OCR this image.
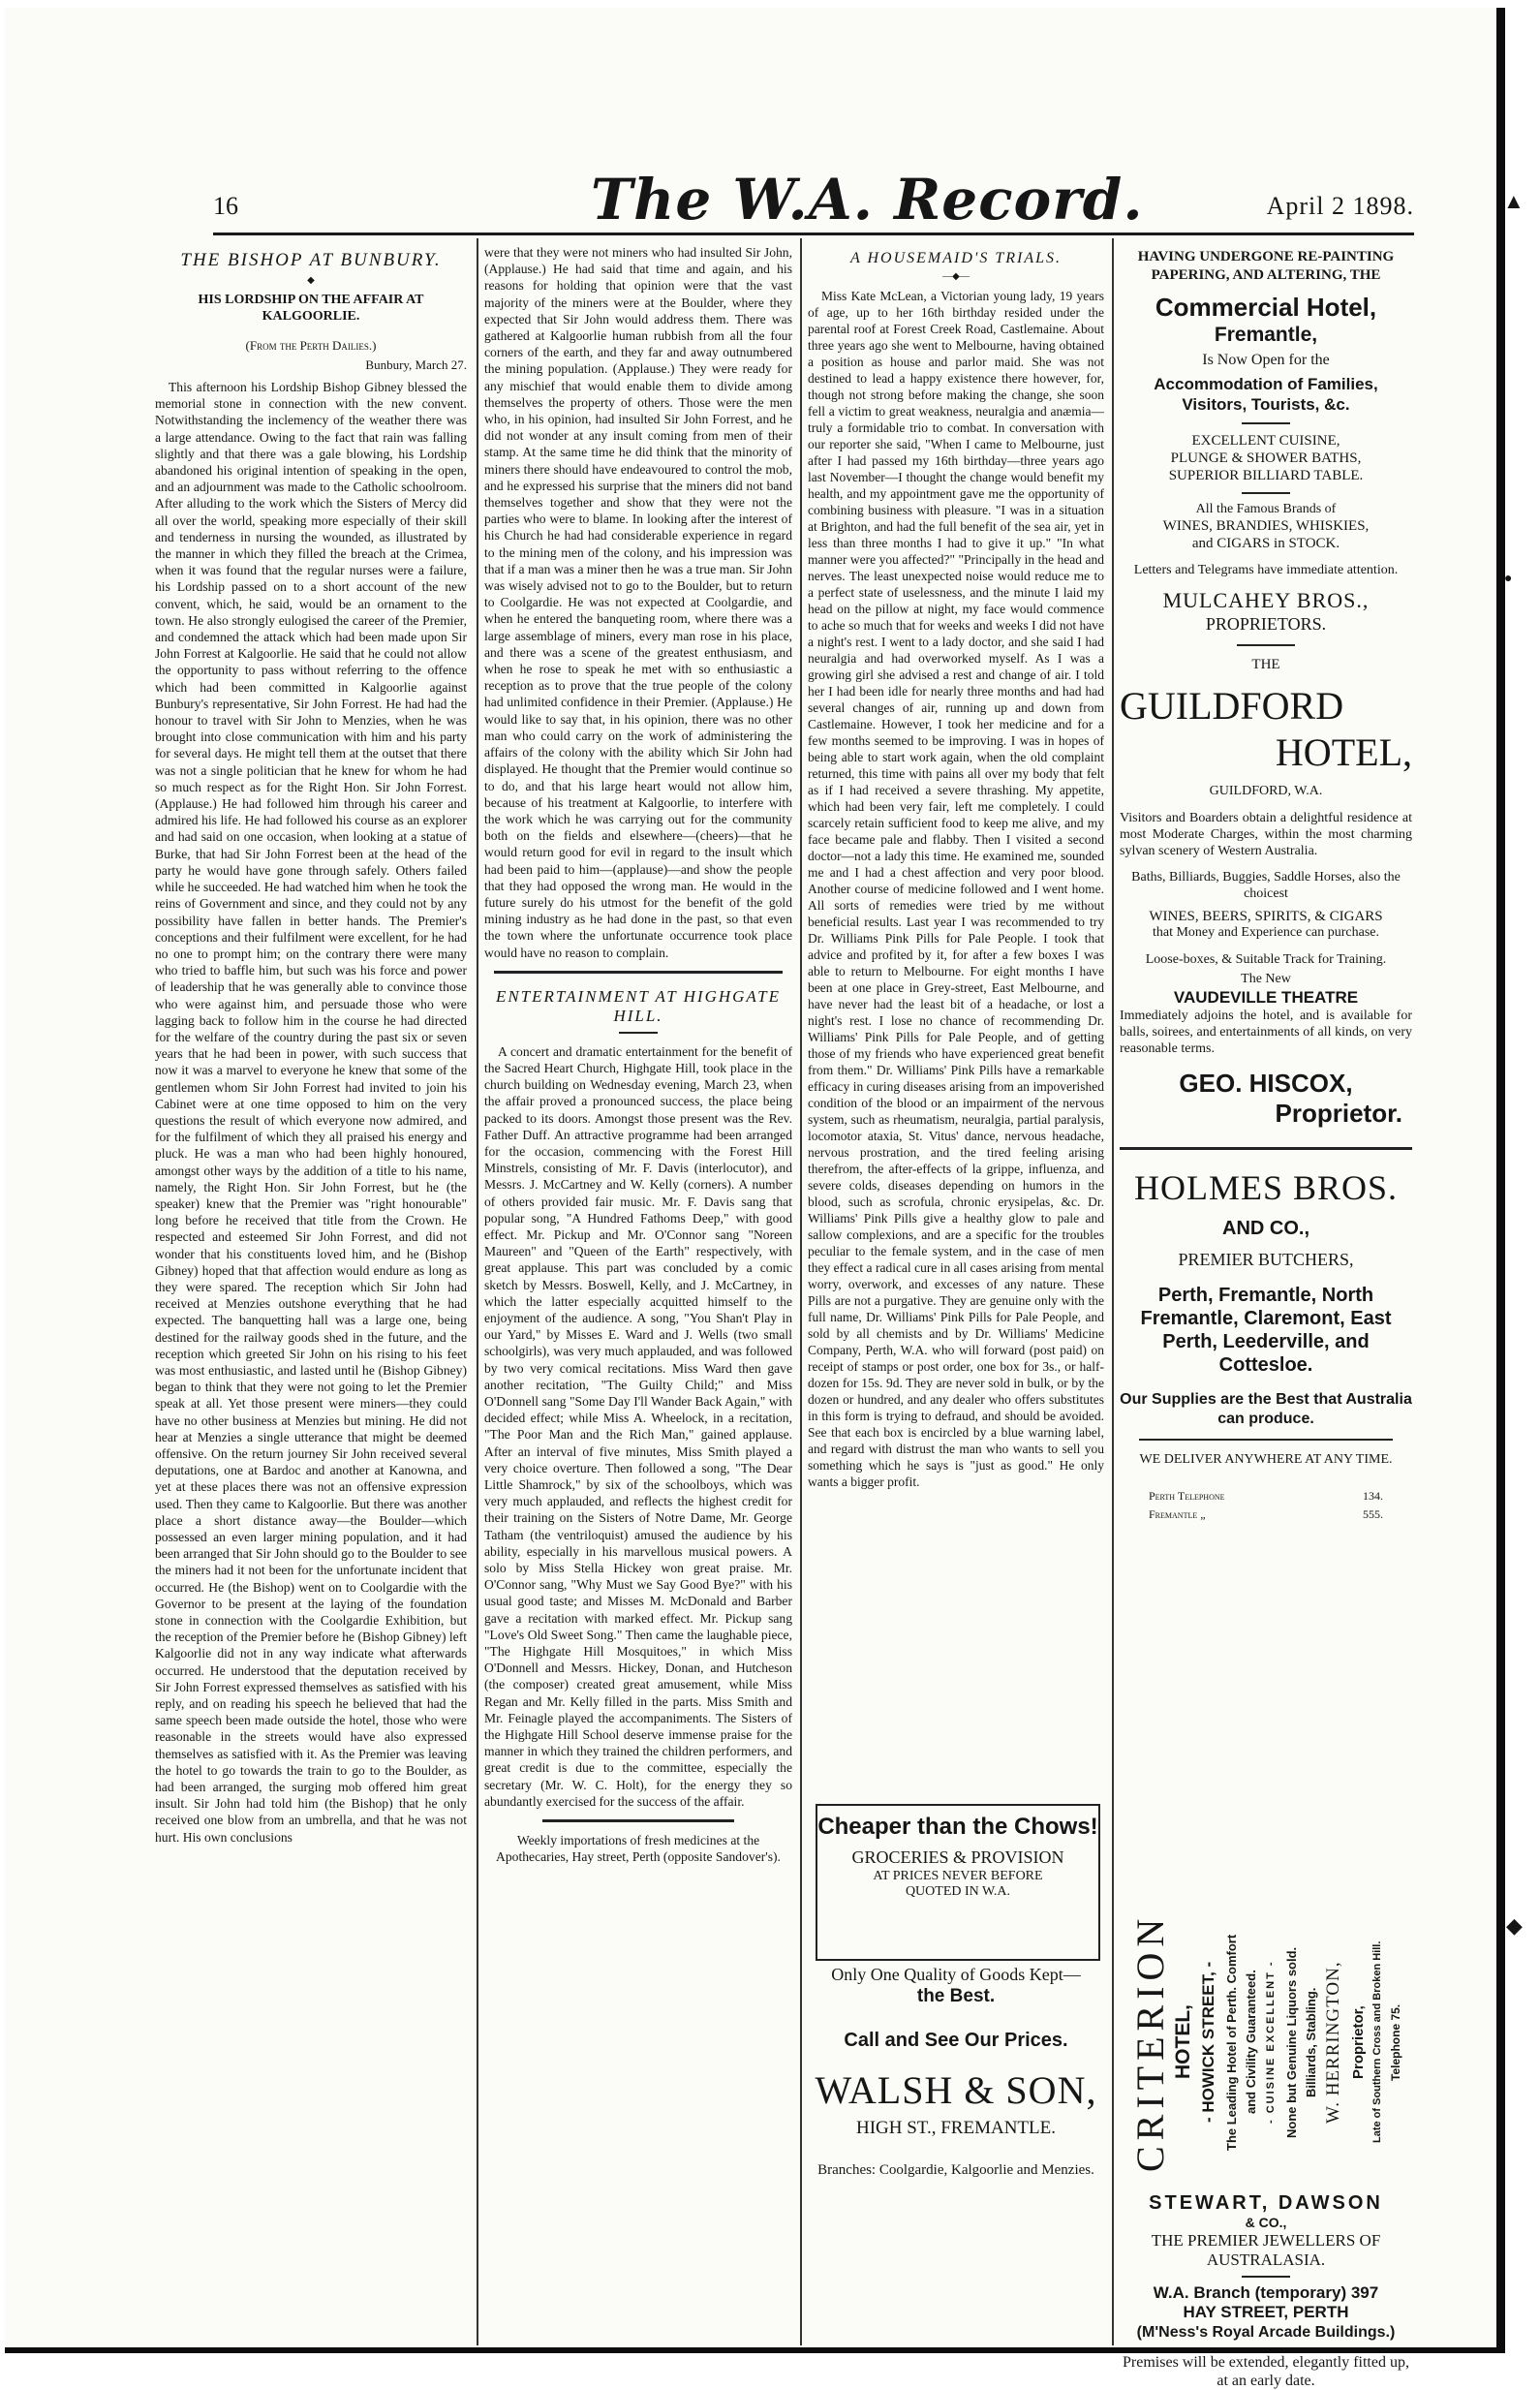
16	The W.A. Record.	April 2 1898.
THE BISHOP AT BUNBURY.
◆
HIS LORDSHIP ON THE AFFAIR AT KALGOORLIE.
(From the Perth Dailies.)
Bunbury, March 27.

This afternoon his Lordship Bishop Gibney blessed the memorial stone in connection with the new convent. Notwithstanding the inclemency of the weather there was a large attendance. Owing to the fact that rain was falling slightly and that there was a gale blowing, his Lordship abandoned his original intention of speaking in the open, and an adjournment was made to the Catholic schoolroom. After alluding to the work which the Sisters of Mercy did all over the world, speaking more especially of their skill and tenderness in nursing the wounded, as illustrated by the manner in which they filled the breach at the Crimea, when it was found that the regular nurses were a failure, his Lordship passed on to a short account of the new convent, which, he said, would be an ornament to the town. He also strongly eulogised the career of the Premier, and condemned the attack which had been made upon Sir John Forrest at Kalgoorlie. He said that he could not allow the opportunity to pass without referring to the offence which had been committed in Kalgoorlie against Bunbury's representative, Sir John Forrest. He had had the honour to travel with Sir John to Menzies, when he was brought into close communication with him and his party for several days. He might tell them at the outset that there was not a single politician that he knew for whom he had so much respect as for the Right Hon. Sir John Forrest. (Applause.) He had followed him through his career and admired his life. He had followed his course as an explorer and had said on one occasion, when looking at a statue of Burke, that had Sir John Forrest been at the head of the party he would have gone through safely. Others failed while he succeeded. He had watched him when he took the reins of Government and since, and they could not by any possibility have fallen in better hands. The Premier's conceptions and their fulfilment were excellent, for he had no one to prompt him; on the contrary there were many who tried to baffle him, but such was his force and power of leadership that he was generally able to convince those who were against him, and persuade those who were lagging back to follow him in the course he had directed for the welfare of the country during the past six or seven years that he had been in power, with such success that now it was a marvel to everyone he knew that some of the gentlemen whom Sir John Forrest had invited to join his Cabinet were at one time opposed to him on the very questions the result of which everyone now admired, and for the fulfilment of which they all praised his energy and pluck. He was a man who had been highly honoured, amongst other ways by the addition of a title to his name, namely, the Right Hon. Sir John Forrest, but he (the speaker) knew that the Premier was "right honourable" long before he received that title from the Crown. He respected and esteemed Sir John Forrest, and did not wonder that his constituents loved him, and he (Bishop Gibney) hoped that that affection would endure as long as they were spared. The reception which Sir John had received at Menzies outshone everything that he had expected. The banquetting hall was a large one, being destined for the railway goods shed in the future, and the reception which greeted Sir John on his rising to his feet was most enthusiastic, and lasted until he (Bishop Gibney) began to think that they were not going to let the Premier speak at all. Yet those present were miners—they could have no other business at Menzies but mining. He did not hear at Menzies a single utterance that might be deemed offensive. On the return journey Sir John received several deputations, one at Bardoc and another at Kanowna, and yet at these places there was not an offensive expression used. Then they came to Kalgoorlie. But there was another place a short distance away—the Boulder—which possessed an even larger mining population, and it had been arranged that Sir John should go to the Boulder to see the miners had it not been for the unfortunate incident that occurred. He (the Bishop) went on to Coolgardie with the Governor to be present at the laying of the foundation stone in connection with the Coolgardie Exhibition, but the reception of the Premier before he (Bishop Gibney) left Kalgoorlie did not in any way indicate what afterwards occurred. He understood that the deputation received by Sir John Forrest expressed themselves as satisfied with his reply, and on reading his speech he believed that had the same speech been made outside the hotel, those who were reasonable in the streets would have also expressed themselves as satisfied with it. As the Premier was leaving the hotel to go towards the train to go to the Boulder, as had been arranged, the surging mob offered him great insult. Sir John had told him (the Bishop) that he only received one blow from an umbrella, and that he was not hurt. His own conclusions

were that they were not miners who had insulted Sir John, (Applause.) He had said that time and again, and his reasons for holding that opinion were that the vast majority of the miners were at the Boulder, where they expected that Sir John would address them. There was gathered at Kalgoorlie human rubbish from all the four corners of the earth, and they far and away outnumbered the mining population. (Applause.) They were ready for any mischief that would enable them to divide among themselves the property of others. Those were the men who, in his opinion, had insulted Sir John Forrest, and he did not wonder at any insult coming from men of their stamp. At the same time he did think that the minority of miners there should have endeavoured to control the mob, and he expressed his surprise that the miners did not band themselves together and show that they were not the parties who were to blame. In looking after the interest of his Church he had had considerable experience in regard to the mining men of the colony, and his impression was that if a man was a miner then he was a true man. Sir John was wisely advised not to go to the Boulder, but to return to Coolgardie. He was not expected at Coolgardie, and when he entered the banqueting room, where there was a large assemblage of miners, every man rose in his place, and there was a scene of the greatest enthusiasm, and when he rose to speak he met with so enthusiastic a reception as to prove that the true people of the colony had unlimited confidence in their Premier. (Applause.) He would like to say that, in his opinion, there was no other man who could carry on the work of administering the affairs of the colony with the ability which Sir John had displayed. He thought that the Premier would continue so to do, and that his large heart would not allow him, because of his treatment at Kalgoorlie, to interfere with the work which he was carrying out for the community both on the fields and elsewhere—(cheers)—that he would return good for evil in regard to the insult which had been paid to him—(applause)—and show the people that they had opposed the wrong man. He would in the future surely do his utmost for the benefit of the gold mining industry as he had done in the past, so that even the town where the unfortunate occurrence took place would have no reason to complain.

ENTERTAINMENT AT HIGHGATE HILL.

A concert and dramatic entertainment for the benefit of the Sacred Heart Church, Highgate Hill, took place in the church building on Wednesday evening, March 23, when the affair proved a pronounced success, the place being packed to its doors. Amongst those present was the Rev. Father Duff. An attractive programme had been arranged for the occasion, commencing with the Forest Hill Minstrels, consisting of Mr. F. Davis (interlocutor), and Messrs. J. McCartney and W. Kelly (corners). A number of others provided fair music. Mr. F. Davis sang that popular song, "A Hundred Fathoms Deep," with good effect. Mr. Pickup and Mr. O'Connor sang "Noreen Maureen" and "Queen of the Earth" respectively, with great applause. This part was concluded by a comic sketch by Messrs. Boswell, Kelly, and J. McCartney, in which the latter especially acquitted himself to the enjoyment of the audience. A song, "You Shan't Play in our Yard," by Misses E. Ward and J. Wells (two small schoolgirls), was very much applauded, and was followed by two very comical recitations. Miss Ward then gave another recitation, "The Guilty Child;" and Miss O'Donnell sang "Some Day I'll Wander Back Again," with decided effect; while Miss A. Wheelock, in a recitation, "The Poor Man and the Rich Man," gained applause. After an interval of five minutes, Miss Smith played a very choice overture. Then followed a song, "The Dear Little Shamrock," by six of the schoolboys, which was very much applauded, and reflects the highest credit for their training on the Sisters of Notre Dame, Mr. George Tatham (the ventriloquist) amused the audience by his ability, especially in his marvellous musical powers. A solo by Miss Stella Hickey won great praise. Mr. O'Connor sang, "Why Must we Say Good Bye?" with his usual good taste; and Misses M. McDonald and Barber gave a recitation with marked effect. Mr. Pickup sang "Love's Old Sweet Song." Then came the laughable piece, "The Highgate Hill Mosquitoes," in which Miss O'Donnell and Messrs. Hickey, Donan, and Hutcheson (the composer) created great amusement, while Miss Regan and Mr. Kelly filled in the parts. Miss Smith and Mr. Feinagle played the accompaniments. The Sisters of the Highgate Hill School deserve immense praise for the manner in which they trained the children performers, and great credit is due to the committee, especially the secretary (Mr. W. C. Holt), for the energy they so abundantly exercised for the success of the affair.

Weekly importations of fresh medicines at the Apothecaries, Hay street, Perth (opposite Sandover's).

A HOUSEMAID'S TRIALS.
—◆—

Miss Kate McLean, a Victorian young lady, 19 years of age, up to her 16th birthday resided under the parental roof at Forest Creek Road, Castlemaine. About three years ago she went to Melbourne, having obtained a position as house and parlor maid. She was not destined to lead a happy existence there however, for, though not strong before making the change, she soon fell a victim to great weakness, neuralgia and anæmia—truly a formidable trio to combat. In conversation with our reporter she said, "When I came to Melbourne, just after I had passed my 16th birthday—three years ago last November—I thought the change would benefit my health, and my appointment gave me the opportunity of combining business with pleasure. "I was in a situation at Brighton, and had the full benefit of the sea air, yet in less than three months I had to give it up." "In what manner were you affected?" "Principally in the head and nerves. The least unexpected noise would reduce me to a perfect state of uselessness, and the minute I laid my head on the pillow at night, my face would commence to ache so much that for weeks and weeks I did not have a night's rest. I went to a lady doctor, and she said I had neuralgia and had overworked myself. As I was a growing girl she advised a rest and change of air. I told her I had been idle for nearly three months and had had several changes of air, running up and down from Castlemaine. However, I took her medicine and for a few months seemed to be improving. I was in hopes of being able to start work again, when the old complaint returned, this time with pains all over my body that felt as if I had received a severe thrashing. My appetite, which had been very fair, left me completely. I could scarcely retain sufficient food to keep me alive, and my face became pale and flabby. Then I visited a second doctor—not a lady this time. He examined me, sounded me and I had a chest affection and very poor blood. Another course of medicine followed and I went home. All sorts of remedies were tried by me without beneficial results. Last year I was recommended to try Dr. Williams Pink Pills for Pale People. I took that advice and profited by it, for after a few boxes I was able to return to Melbourne. For eight months I have been at one place in Grey-street, East Melbourne, and have never had the least bit of a headache, or lost a night's rest. I lose no chance of recommending Dr. Williams' Pink Pills for Pale People, and of getting those of my friends who have experienced great benefit from them." Dr. Williams' Pink Pills have a remarkable efficacy in curing diseases arising from an impoverished condition of the blood or an impairment of the nervous system, such as rheumatism, neuralgia, partial paralysis, locomotor ataxia, St. Vitus' dance, nervous headache, nervous prostration, and the tired feeling arising therefrom, the after-effects of la grippe, influenza, and severe colds, diseases depending on humors in the blood, such as scrofula, chronic erysipelas, &c. Dr. Williams' Pink Pills give a healthy glow to pale and sallow complexions, and are a specific for the troubles peculiar to the female system, and in the case of men they effect a radical cure in all cases arising from mental worry, overwork, and excesses of any nature. These Pills are not a purgative. They are genuine only with the full name, Dr. Williams' Pink Pills for Pale People, and sold by all chemists and by Dr. Williams' Medicine Company, Perth, W.A. who will forward (post paid) on receipt of stamps or post order, one box for 3s., or half-dozen for 15s. 9d. They are never sold in bulk, or by the dozen or hundred, and any dealer who offers substitutes in this form is trying to defraud, and should be avoided. See that each box is encircled by a blue warning label, and regard with distrust the man who wants to sell you something which he says is "just as good." He only wants a bigger profit.

Cheaper than the Chows!
GROCERIES & PROVISION
AT PRICES NEVER BEFORE
QUOTED IN W.A.
Only One Quality of Goods Kept—
the Best.
Call and See Our Prices.
WALSH & SON,
HIGH ST., FREMANTLE.
Branches: Coolgardie, Kalgoorlie and Menzies.
HAVING UNDERGONE RE-PAINTING PAPERING, AND ALTERING, THE
Commercial Hotel,
Fremantle,
Is Now Open for the
Accommodation of Families, Visitors, Tourists, &c.
EXCELLENT CUISINE,
PLUNGE & SHOWER BATHS,
SUPERIOR BILLIARD TABLE.
All the Famous Brands of
WINES, BRANDIES, WHISKIES,
and CIGARS in STOCK.
Letters and Telegrams have immediate attention.
MULCAHEY BROS.,
PROPRIETORS.
THE
GUILDFORD
HOTEL,
GUILDFORD, W.A.
Visitors and Boarders obtain a delightful residence at most Moderate Charges, within the most charming sylvan scenery of Western Australia.
Baths, Billiards, Buggies, Saddle Horses, also the choicest
WINES, BEERS, SPIRITS, & CIGARS
that Money and Experience can purchase.
Loose-boxes, & Suitable Track for Training.
The New
VAUDEVILLE THEATRE
Immediately adjoins the hotel, and is available for balls, soirees, and entertainments of all kinds, on very reasonable terms.
GEO. HISCOX,
Proprietor.
HOLMES BROS.
AND CO.,
PREMIER BUTCHERS,
Perth, Fremantle, North Fremantle, Claremont, East Perth, Leederville, and Cottesloe.
Our Supplies are the Best that Australia can produce.
WE DELIVER ANYWHERE AT ANY TIME.
Perth Telephone	134.
Fremantle „	555.
CRITERION HOTEL, - HOWICK STREET, - The Leading Hotel of Perth. Comfort and Civility Guaranteed. - CUISINE EXCELLENT - None but Genuine Liquors sold. Billiards, Stabling. W. HERRINGTON, Proprietor, Late of Southern Cross and Broken Hill. Telephone 75.
STEWART, DAWSON
& CO.,
THE PREMIER JEWELLERS OF AUSTRALASIA.
W.A. Branch (temporary) 397
HAY STREET, PERTH
(M'Ness's Royal Arcade Buildings.)
Premises will be extended, elegantly fitted up, at an early date.
▲
●
◆
